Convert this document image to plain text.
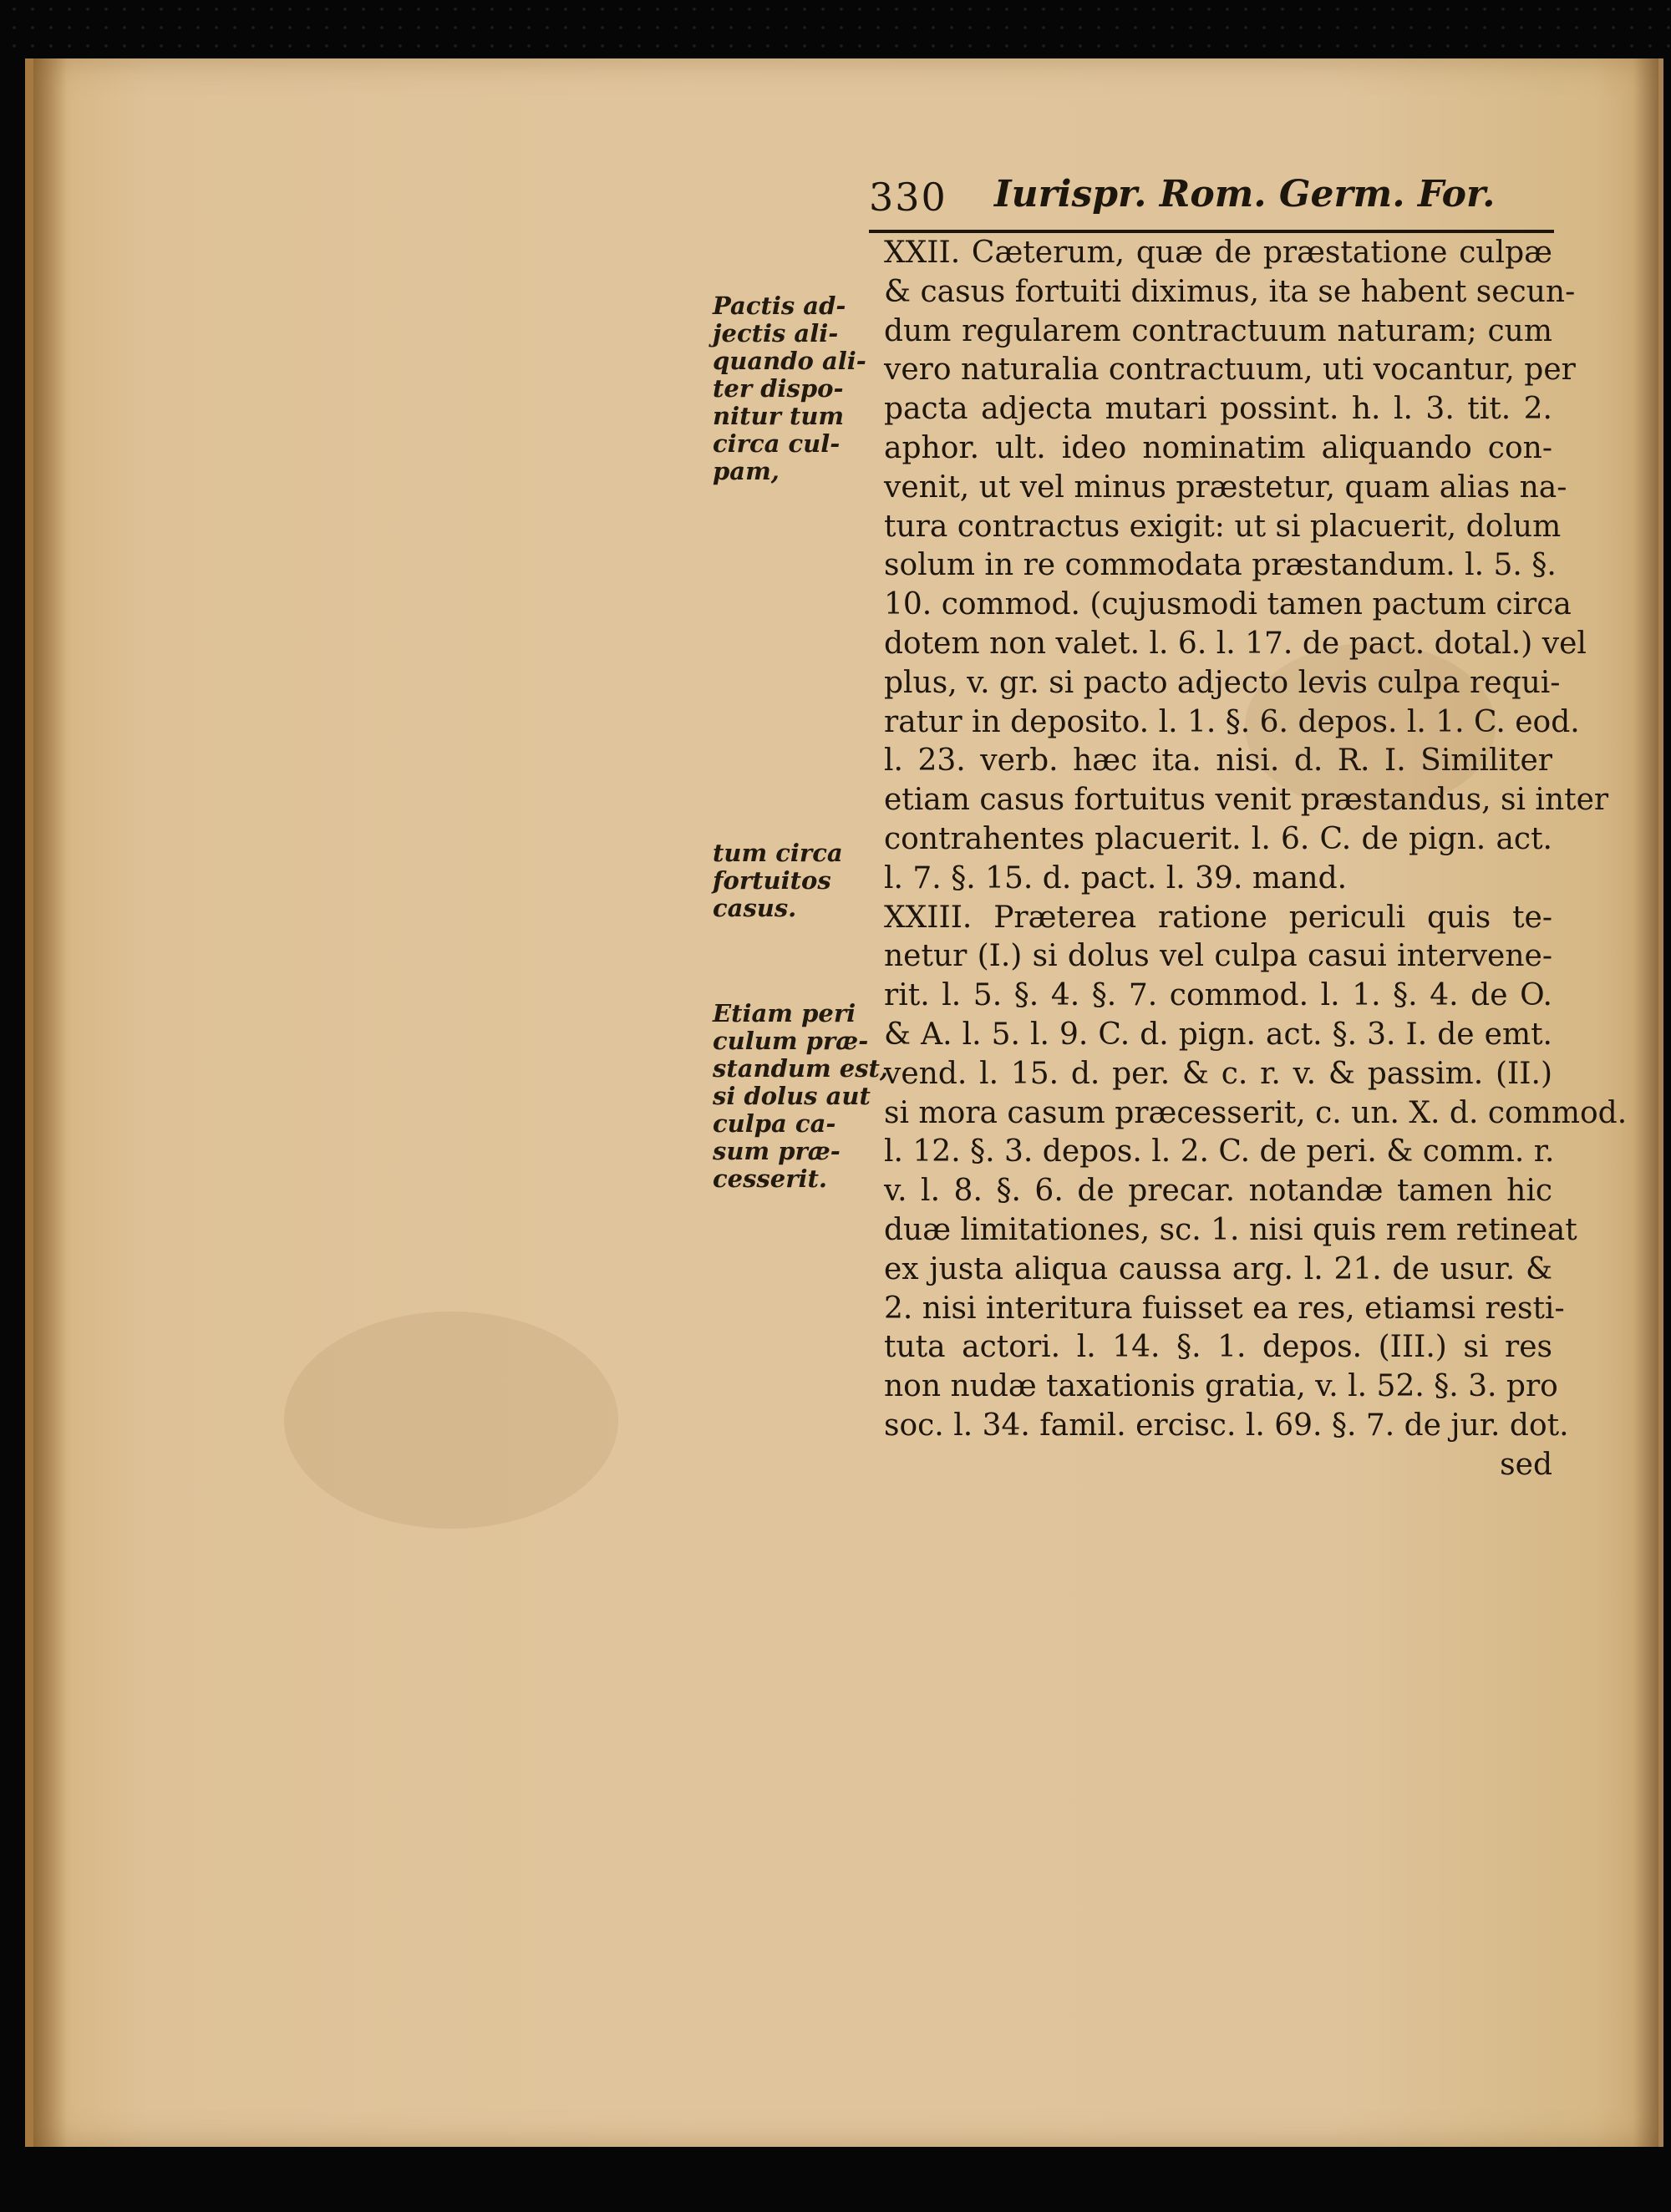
330 Iurispr. Rom. Germ. For.
Pactis ad-
jectis ali-
quando ali-
ter dispo-
nitur tum
circa cul-
pam,
tum circa
fortuitos
casus.
Etiam peri
culum præ-
standum est,
si dolus aut
culpa ca-
sum præ-
cesserit.
XXII. Cæterum, quæ de præstatione culpæ
& casus fortuiti diximus, ita se habent secun-
dum regularem contractuum naturam; cum
vero naturalia contractuum, uti vocantur, per
pacta adjecta mutari possint. h. l. 3. tit. 2.
aphor. ult. ideo nominatim aliquando con-
venit, ut vel minus præstetur, quam alias na-
tura contractus exigit: ut si placuerit, dolum
solum in re commodata præstandum. l. 5. §.
10. commod. (cujusmodi tamen pactum circa
dotem non valet. l. 6. l. 17. de pact. dotal.) vel
plus, v. gr. si pacto adjecto levis culpa requi-
ratur in deposito. l. 1. §. 6. depos. l. 1. C. eod.
l. 23. verb. hæc ita. nisi. d. R. I. Similiter
etiam casus fortuitus venit præstandus, si inter
contrahentes placuerit. l. 6. C. de pign. act.
l. 7. §. 15. d. pact. l. 39. mand.
XXIII. Præterea ratione periculi quis te-
netur (I.) si dolus vel culpa casui intervene-
rit. l. 5. §. 4. §. 7. commod. l. 1. §. 4. de O.
& A. l. 5. l. 9. C. d. pign. act. §. 3. I. de emt.
vend. l. 15. d. per. & c. r. v. & passim. (II.)
si mora casum præcesserit, c. un. X. d. commod.
l. 12. §. 3. depos. l. 2. C. de peri. & comm. r.
v. l. 8. §. 6. de precar. notandæ tamen hic
duæ limitationes, sc. 1. nisi quis rem retineat
ex justa aliqua caussa arg. l. 21. de usur. &
2. nisi interitura fuisset ea res, etiamsi resti-
tuta actori. l. 14. §. 1. depos. (III.) si res
non nudæ taxationis gratia, v. l. 52. §. 3. pro
soc. l. 34. famil. ercisc. l. 69. §. 7. de jur. dot.
sed
